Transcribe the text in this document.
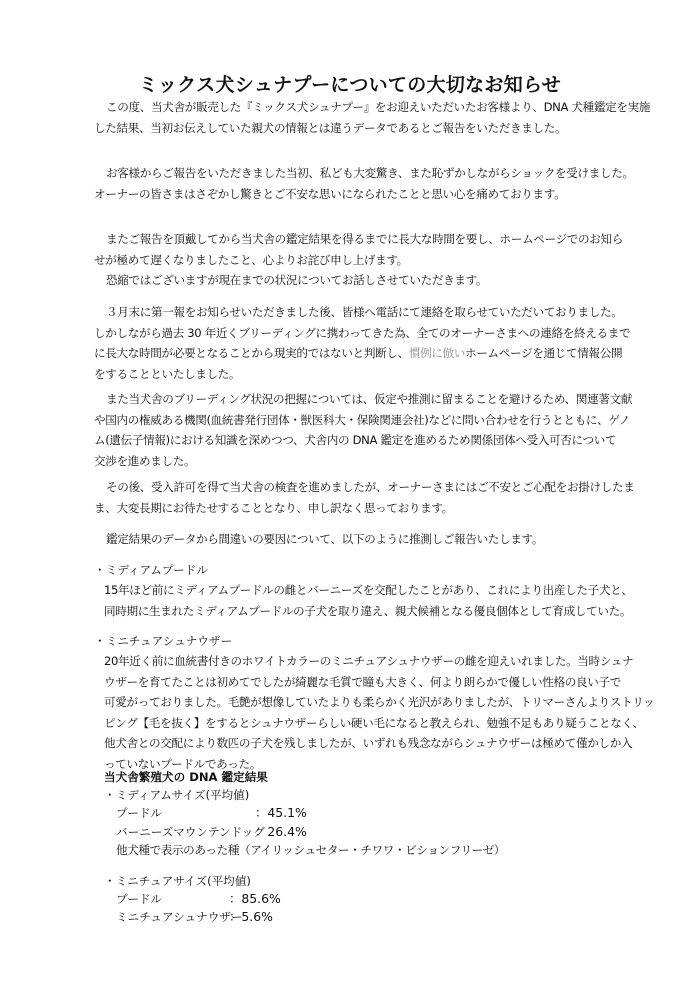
ミックス犬シュナプーについての大切なお知らせ

この度、当犬舎が販売した『ミックス犬シュナプー』をお迎えいただいたお客様より、DNA 犬種鑑定を実施
した結果、当初お伝えしていた親犬の情報とは違うデータであるとご報告をいただきました。

お客様からご報告をいただきました当初、私ども大変驚き、また恥ずかしながらショックを受けました。
オーナーの皆さまはさぞかし驚きとご不安な思いになられたことと思い心を痛めております。

またご報告を頂戴してから当犬舎の鑑定結果を得るまでに長大な時間を要し、ホームページでのお知ら
せが極めて遅くなりましたこと、心よりお詫び申し上げます。

恐縮ではございますが現在までの状況についてお話しさせていただきます。

３月末に第一報をお知らせいただきました後、皆様へ電話にて連絡を取らせていただいておりました。
しかしながら過去 30 年近くブリーディングに携わってきた為、全てのオーナーさまへの連絡を終えるまで
に長大な時間が必要となることから現実的ではないと判断し、慣例に倣いホームページを通じて情報公開
をすることといたしました。

また当犬舎のブリーディング状況の把握については、仮定や推測に留まることを避けるため、関連著文献
や国内の権威ある機関(血統書発行団体・獣医科大・保険関連会社)などに問い合わせを行うとともに、ゲノ
ム(遺伝子情報)における知識を深めつつ、犬舎内の DNA 鑑定を進めるため関係団体へ受入可否について
交渉を進めました。

その後、受入許可を得て当犬舎の検査を進めましたが、オーナーさまにはご不安とご心配をお掛けしたま
ま、大変長期にお待たせすることとなり、申し訳なく思っております。

鑑定結果のデータから間違いの要因について、以下のように推測しご報告いたします。

・ミディアムプードル
15年ほど前にミディアムプードルの雌とバーニーズを交配したことがあり、これにより出産した子犬と、
同時期に生まれたミディアムプードルの子犬を取り違え、親犬候補となる優良個体として育成していた。
・ミニチュアシュナウザー
20年近く前に血統書付きのホワイトカラーのミニチュアシュナウザーの雌を迎えいれました。当時シュナ
ウザーを育てたことは初めてでしたが綺麗な毛質で瞳も大きく、何より朗らかで優しい性格の良い子で
可愛がっておりました。毛艶が想像していたよりも柔らかく光沢がありましたが、トリマーさんよりストリッ
ピング【毛を抜く】をするとシュナウザーらしい硬い毛になると教えられ、勉強不足もあり疑うことなく、
他犬舎との交配により数匹の子犬を残しましたが、いずれも残念ながらシュナウザーは極めて僅かしか入
っていないプードルであった。
当犬舎繁殖犬の DNA 鑑定結果
・ミディアムサイズ(平均値)
プードル	：45.1%
バーニーズマウンテンドッグ
：26.4%
他犬種で表示のあった種（アイリッシュセター・チワワ・ビションフリーゼ）
・ミニチュアサイズ(平均値)
プードル	：85.6%
ミニチュアシュナウザー
：5.6%
